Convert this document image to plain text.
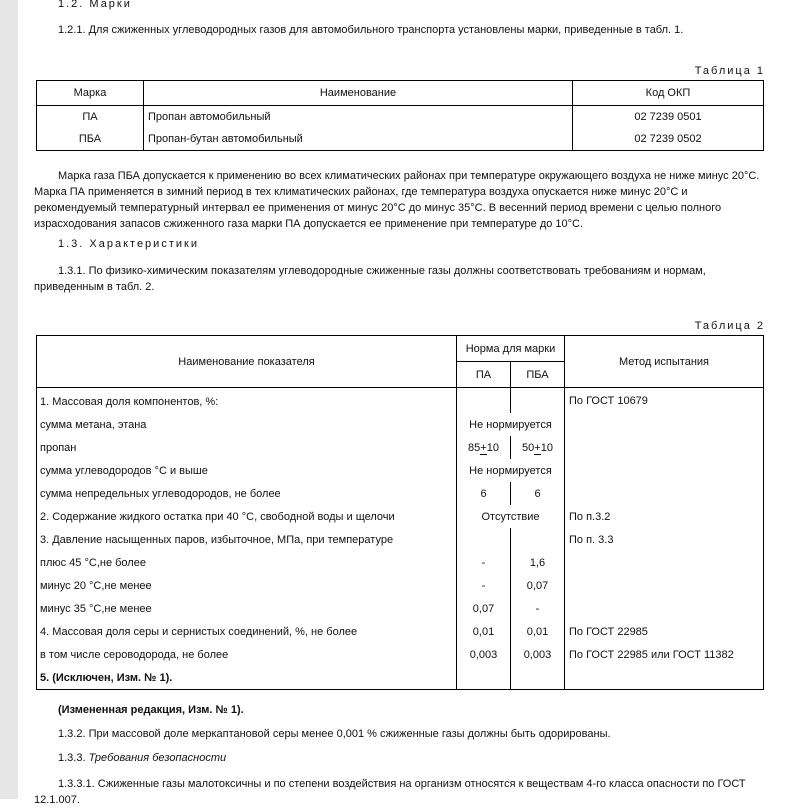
1.2. Марки
1.2.1. Для сжиженных углеводородных газов для автомобильного транспорта установлены марки, приведенные в табл. 1.
Таблица 1
Марка	Наименование	Код ОКП
ПА	Пропан автомобильный	02 7239 0501
ПБА	Пропан-бутан автомобильный	02 7239 0502
Марка газа ПБА допускается к применению во всех климатических районах при температуре окружающего воздуха не ниже минус 20°С. Марка ПА применяется в зимний период в тех климатических районах, где температура воздуха опускается ниже минус 20°С и рекомендуемый температурный интервал ее применения от минус 20°С до минус 35°С. В весенний период времени с целью полного израсходования запасов сжиженного газа марки ПА допускается ее применение при температуре до 10°С.
1.3. Характеристики
1.3.1. По физико-химическим показателям углеводородные сжиженные газы должны соответствовать требованиям и нормам, приведенным в табл. 2.
Таблица 2
Наименование показателя	Норма для марки		Метод испытания
	ПА	ПБА	
1. Массовая доля компонентов, %:			По ГОСТ 10679
сумма метана, этана	Не нормируется		
пропан	85+10	50+10	
сумма углеводородов °С и выше	Не нормируется		
сумма непредельных углеводородов, не более	6	6	
2. Содержание жидкого остатка при 40 °С, свободной воды и щелочи	Отсутствие		По п.3.2
3. Давление насыщенных паров, избыточное, МПа, при температуре			По п. 3.3
плюс 45 °С,не более	-	1,6	
минус 20 °С,не менее	-	0,07	
минус 35 °С,не менее	0,07	-	
4. Массовая доля серы и сернистых соединений, %, не более	0,01	0,01	По ГОСТ 22985
в том числе сероводорода, не более	0,003	0,003	По ГОСТ 22985 или ГОСТ 11382
5. (Исключен, Изм. № 1).			
(Измененная редакция, Изм. № 1).
1.3.2. При массовой доле меркаптановой серы менее 0,001 % сжиженные газы должны быть одорированы.
1.3.3. Требования безопасности
1.3.3.1. Сжиженные газы малотоксичны и по степени воздействия на организм относятся к веществам 4-го класса опасности по ГОСТ 12.1.007.
